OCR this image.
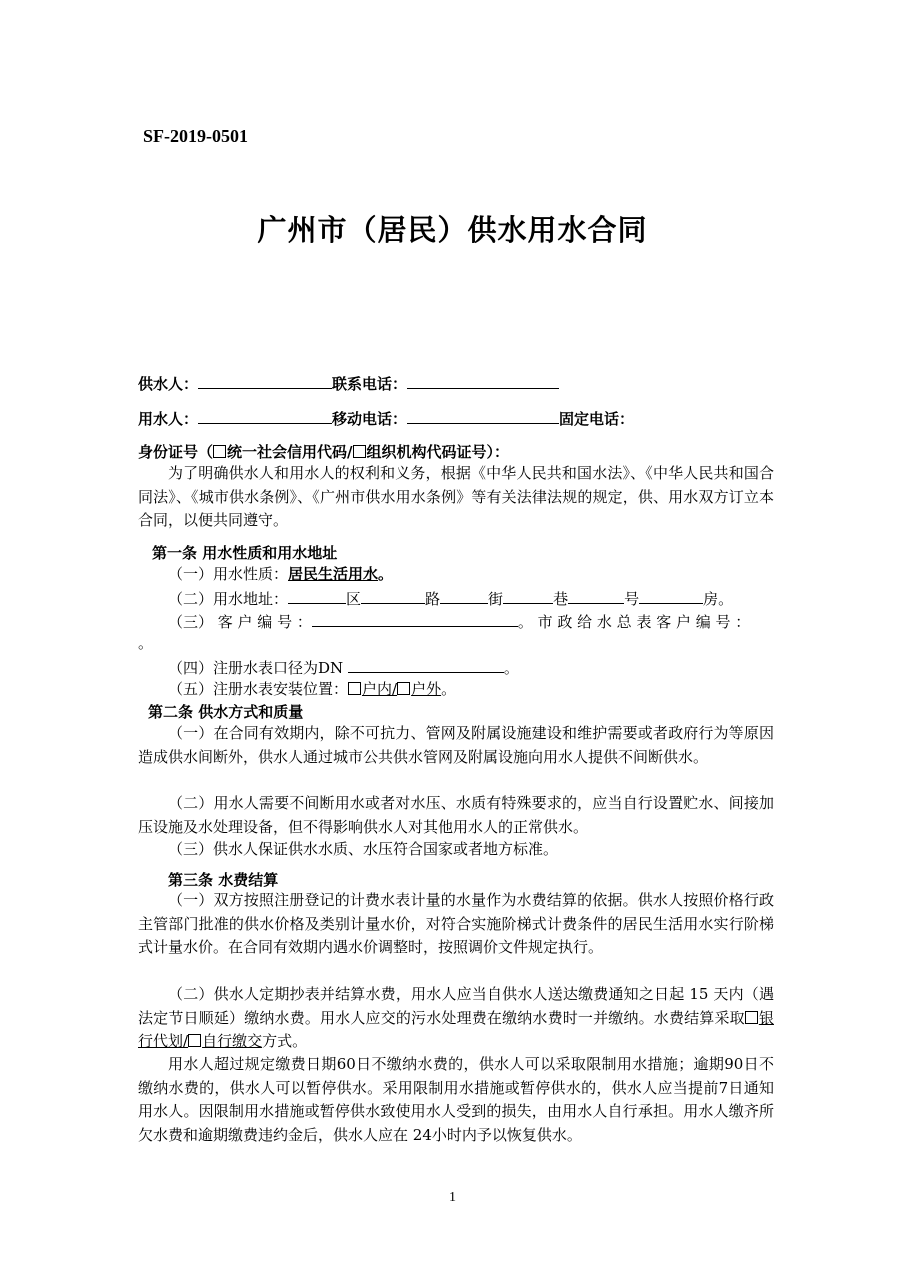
SF-2019-0501
广州市（居民）供水用水合同
供水人：	联系电话：
用水人：	移动电话：	固定电话：
身份证号（ 统一社会信用代码/ 组织机构代码证号）：
为了明确供水人和用水人的权利和义务，根据《中华人民共和国水法》、《中华人民共和国合同法》、《城市供水条例》、《广州市供水用水条例》等有关法律法规的规定，供、用水双方订立本合同，以便共同遵守。
第一条 用水性质和用水地址
（一）用水性质：居民生活用水。
（二）用水地址：	区	路	街	巷	号	房。
（三） 客 户 编 号 ：	。 市 政 给 水 总 表 客 户 编 号 ：
。
（四）注册水表口径为DN	。
（五）注册水表安装位置： 户内/ 户外。
第二条 供水方式和质量
（一）在合同有效期内，除不可抗力、管网及附属设施建设和维护需要或者政府行为等原因造成供水间断外，供水人通过城市公共供水管网及附属设施向用水人提供不间断供水。
（二）用水人需要不间断用水或者对水压、水质有特殊要求的，应当自行设置贮水、间接加压设施及水处理设备，但不得影响供水人对其他用水人的正常供水。
（三）供水人保证供水水质、水压符合国家或者地方标准。
第三条 水费结算
（一）双方按照注册登记的计费水表计量的水量作为水费结算的依据。供水人按照价格行政主管部门批准的供水价格及类别计量水价，对符合实施阶梯式计费条件的居民生活用水实行阶梯式计量水价。在合同有效期内遇水价调整时，按照调价文件规定执行。
（二）供水人定期抄表并结算水费，用水人应当自供水人送达缴费通知之日起 15 天内（遇法定节日顺延）缴纳水费。用水人应交的污水处理费在缴纳水费时一并缴纳。水费结算采取 银行代划/ 自行缴交方式。
用水人超过规定缴费日期60日不缴纳水费的，供水人可以采取限制用水措施；逾期90日不缴纳水费的，供水人可以暂停供水。采用限制用水措施或暂停供水的，供水人应当提前7日通知用水人。因限制用水措施或暂停供水致使用水人受到的损失，由用水人自行承担。用水人缴齐所欠水费和逾期缴费违约金后，供水人应在 24小时内予以恢复供水。
1
